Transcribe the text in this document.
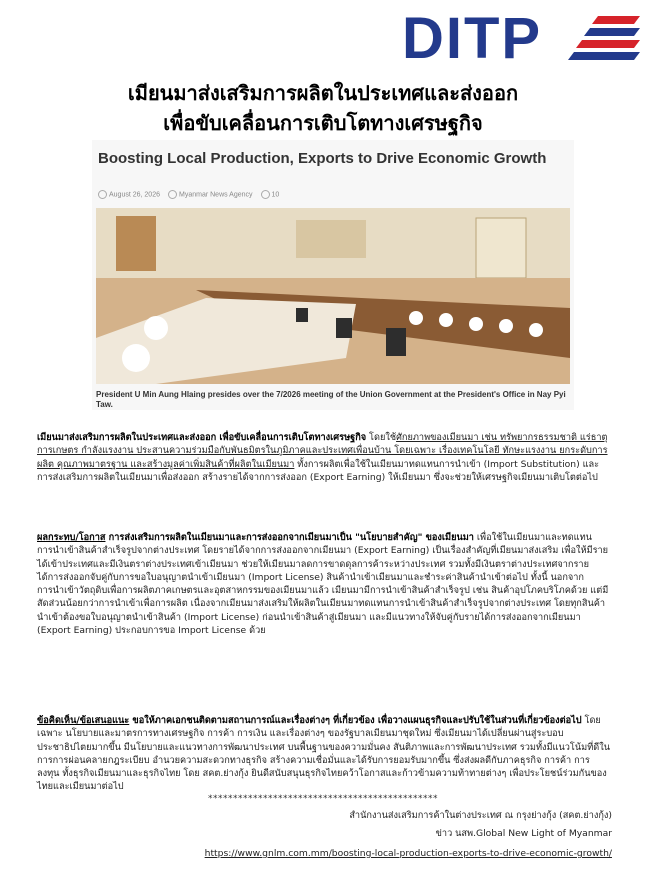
DITP
เมียนมาส่งเสริมการผลิตในประเทศและส่งออก
เพื่อขับเคลื่อนการเติบโตทางเศรษฐกิจ
Boosting Local Production, Exports to Drive Economic Growth
August 26, 2026	Myanmar News Agency	10
President U Min Aung Hlaing presides over the 7/2026 meeting of the Union Government at the President's Office in Nay Pyi Taw.
เมียนมาส่งเสริมการผลิตในประเทศและส่งออก เพื่อขับเคลื่อนการเติบโตทางเศรษฐกิจ โดยใช้ศักยภาพของเมียนมา เช่น ทรัพยากรธรรมชาติ แร่ธาตุ การเกษตร กำลังแรงงาน ประสานความร่วมมือกับพันธมิตรในภูมิภาคและประเทศเพื่อนบ้าน โดยเฉพาะ เรื่องเทคโนโลยี ทักษะแรงงาน ยกระดับการผลิต คุณภาพมาตรฐาน และสร้างมูลค่าเพิ่มสินค้าที่ผลิตในเมียนมา ทั้งการผลิตเพื่อใช้ในเมียนมาทดแทนการนำเข้า (Import Substitution) และการส่งเสริมการผลิตในเมียนมาเพื่อส่งออก สร้างรายได้จากการส่งออก (Export Earning) ให้เมียนมา ซึ่งจะช่วยให้เศรษฐกิจเมียนมาเติบโตต่อไป
ผลกระทบ/โอกาส การส่งเสริมการผลิตในเมียนมาและการส่งออกจากเมียนมาเป็น "นโยบายสำคัญ" ของเมียนมา เพื่อใช้ในเมียนมาและทดแทนการนำเข้าสินค้าสำเร็จรูปจากต่างประเทศ โดยรายได้จากการส่งออกจากเมียนมา (Export Earning) เป็นเรื่องสำคัญที่เมียนมาส่งเสริม เพื่อให้มีรายได้เข้าประเทศและมีเงินตราต่างประเทศเข้าเมียนมา ช่วยให้เมียนมาลดการขาดดุลการค้าระหว่างประเทศ รวมทั้งมีเงินตราต่างประเทศจากรายได้การส่งออกจับคู่กับการขอใบอนุญาตนำเข้าเมียนมา (Import License) สินค้านำเข้าเมียนมาและชำระค่าสินค้านำเข้าต่อไป ทั้งนี้ นอกจากการนำเข้าวัตถุดิบเพื่อการผลิตภาคเกษตรและอุตสาหกรรมของเมียนมาแล้ว เมียนมามีการนำเข้าสินค้าสำเร็จรูป เช่น สินค้าอุปโภคบริโภคด้วย แต่มีสัดส่วนน้อยกว่าการนำเข้าเพื่อการผลิต เนื่องจากเมียนมาส่งเสริมให้ผลิตในเมียนมาทดแทนการนำเข้าสินค้าสำเร็จรูปจากต่างประเทศ โดยทุกสินค้านำเข้าต้องขอใบอนุญาตนำเข้าสินค้า (Import License) ก่อนนำเข้าสินค้าสู่เมียนมา และมีแนวทางให้จับคู่กับรายได้การส่งออกจากเมียนมา (Export Earning) ประกอบการขอ Import License ด้วย
ข้อคิดเห็น/ข้อเสนอแนะ ขอให้ภาคเอกชนติดตามสถานการณ์และเรื่องต่างๆ ที่เกี่ยวข้อง เพื่อวางแผนธุรกิจและปรับใช้ในส่วนที่เกี่ยวข้องต่อไป โดยเฉพาะ นโยบายและมาตรการทางเศรษฐกิจ การค้า การเงิน และเรื่องต่างๆ ของรัฐบาลเมียนมาชุดใหม่ ซึ่งเมียนมาได้เปลี่ยนผ่านสู่ระบอบประชาธิปไตยมากขึ้น มีนโยบายและแนวทางการพัฒนาประเทศ บนพื้นฐานของความมั่นคง สันติภาพและการพัฒนาประเทศ รวมทั้งมีแนวโน้มที่ดีในการการผ่อนคลายกฎระเบียบ อำนวยความสะดวกทางธุรกิจ สร้างความเชื่อมั่นและได้รับการยอมรับมากขึ้น ซึ่งส่งผลดีกับภาคธุรกิจ การค้า การลงทุน ทั้งธุรกิจเมียนมาและธุรกิจไทย โดย สคต.ย่างกุ้ง ยินดีสนับสนุนธุรกิจไทยคว้าโอกาสและก้าวข้ามความท้าทายต่างๆ เพื่อประโยชน์ร่วมกันของไทยและเมียนมาต่อไป
**********************************************
สำนักงานส่งเสริมการค้าในต่างประเทศ ณ กรุงย่างกุ้ง (สคต.ย่างกุ้ง)
ข่าว นสพ.Global New Light of Myanmar
https://www.gnlm.com.mm/boosting-local-production-exports-to-drive-economic-growth/
